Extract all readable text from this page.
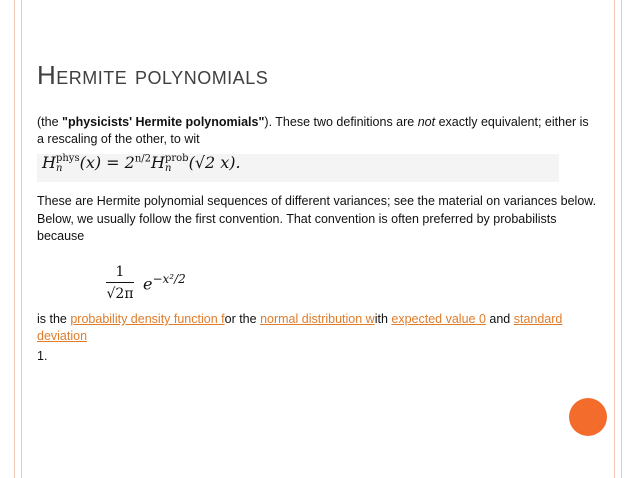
Hermite polynomials
(the "physicists' Hermite polynomials"). These two definitions are not exactly equivalent; either is a rescaling of the other, to wit
Hphys
n $(x) = 2^{n/2}Hprob$
n (√2 x).
These are Hermite polynomial sequences of different variances; see the material on variances below.
Below, we usually follow the first convention. That convention is often preferred by probabilists because
$\frac{1}{√2\pi} e^{-x^2/2}$
is the probability density function for the normal distribution with expected value 0 and standard deviation
1.
